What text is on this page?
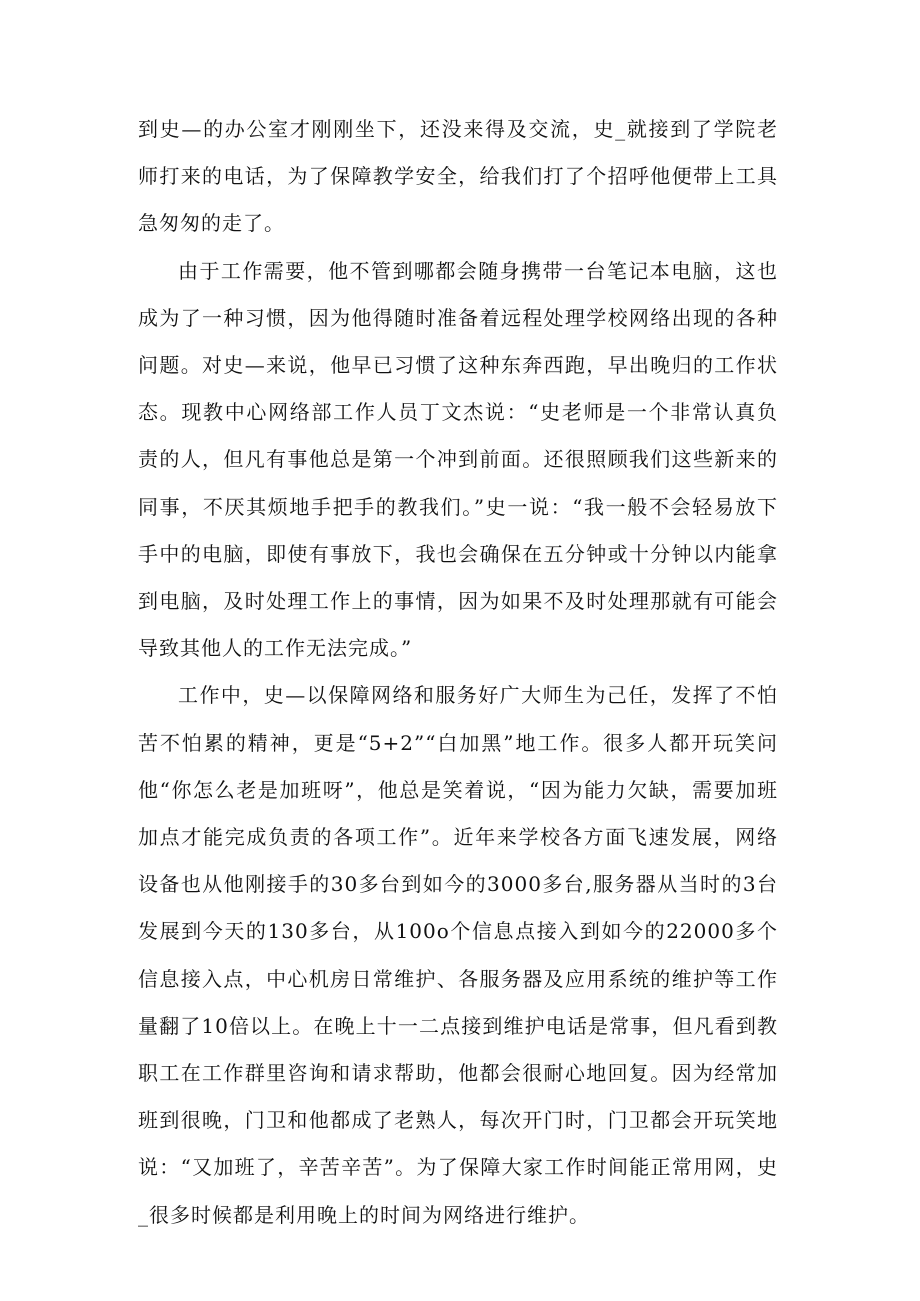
到史—的办公室才刚刚坐下，还没来得及交流，史_就接到了学院老师打来的电话，为了保障教学安全，给我们打了个招呼他便带上工具急匆匆的走了。

由于工作需要，他不管到哪都会随身携带一台笔记本电脑，这也成为了一种习惯，因为他得随时准备着远程处理学校网络出现的各种问题。对史—来说，他早已习惯了这种东奔西跑，早出晚归的工作状态。现教中心网络部工作人员丁文杰说：“史老师是一个非常认真负责的人，但凡有事他总是第一个冲到前面。还很照顾我们这些新来的同事，不厌其烦地手把手的教我们。”史一说：“我一般不会轻易放下手中的电脑，即使有事放下，我也会确保在五分钟或十分钟以内能拿到电脑，及时处理工作上的事情，因为如果不及时处理那就有可能会导致其他人的工作无法完成。”

工作中，史—以保障网络和服务好广大师生为己任，发挥了不怕苦不怕累的精神，更是“5+2”“白加黑”地工作。很多人都开玩笑问他“你怎么老是加班呀”，他总是笑着说，“因为能力欠缺，需要加班加点才能完成负责的各项工作”。近年来学校各方面飞速发展，网络设备也从他刚接手的30多台到如今的3000多台,服务器从当时的3台发展到今天的130多台，从100o个信息点接入到如今的22000多个信息接入点，中心机房日常维护、各服务器及应用系统的维护等工作量翻了10倍以上。在晚上十一二点接到维护电话是常事，但凡看到教职工在工作群里咨询和请求帮助，他都会很耐心地回复。因为经常加班到很晚，门卫和他都成了老熟人，每次开门时，门卫都会开玩笑地说：“又加班了，辛苦辛苦”。为了保障大家工作时间能正常用网，史_很多时候都是利用晚上的时间为网络进行维护。
